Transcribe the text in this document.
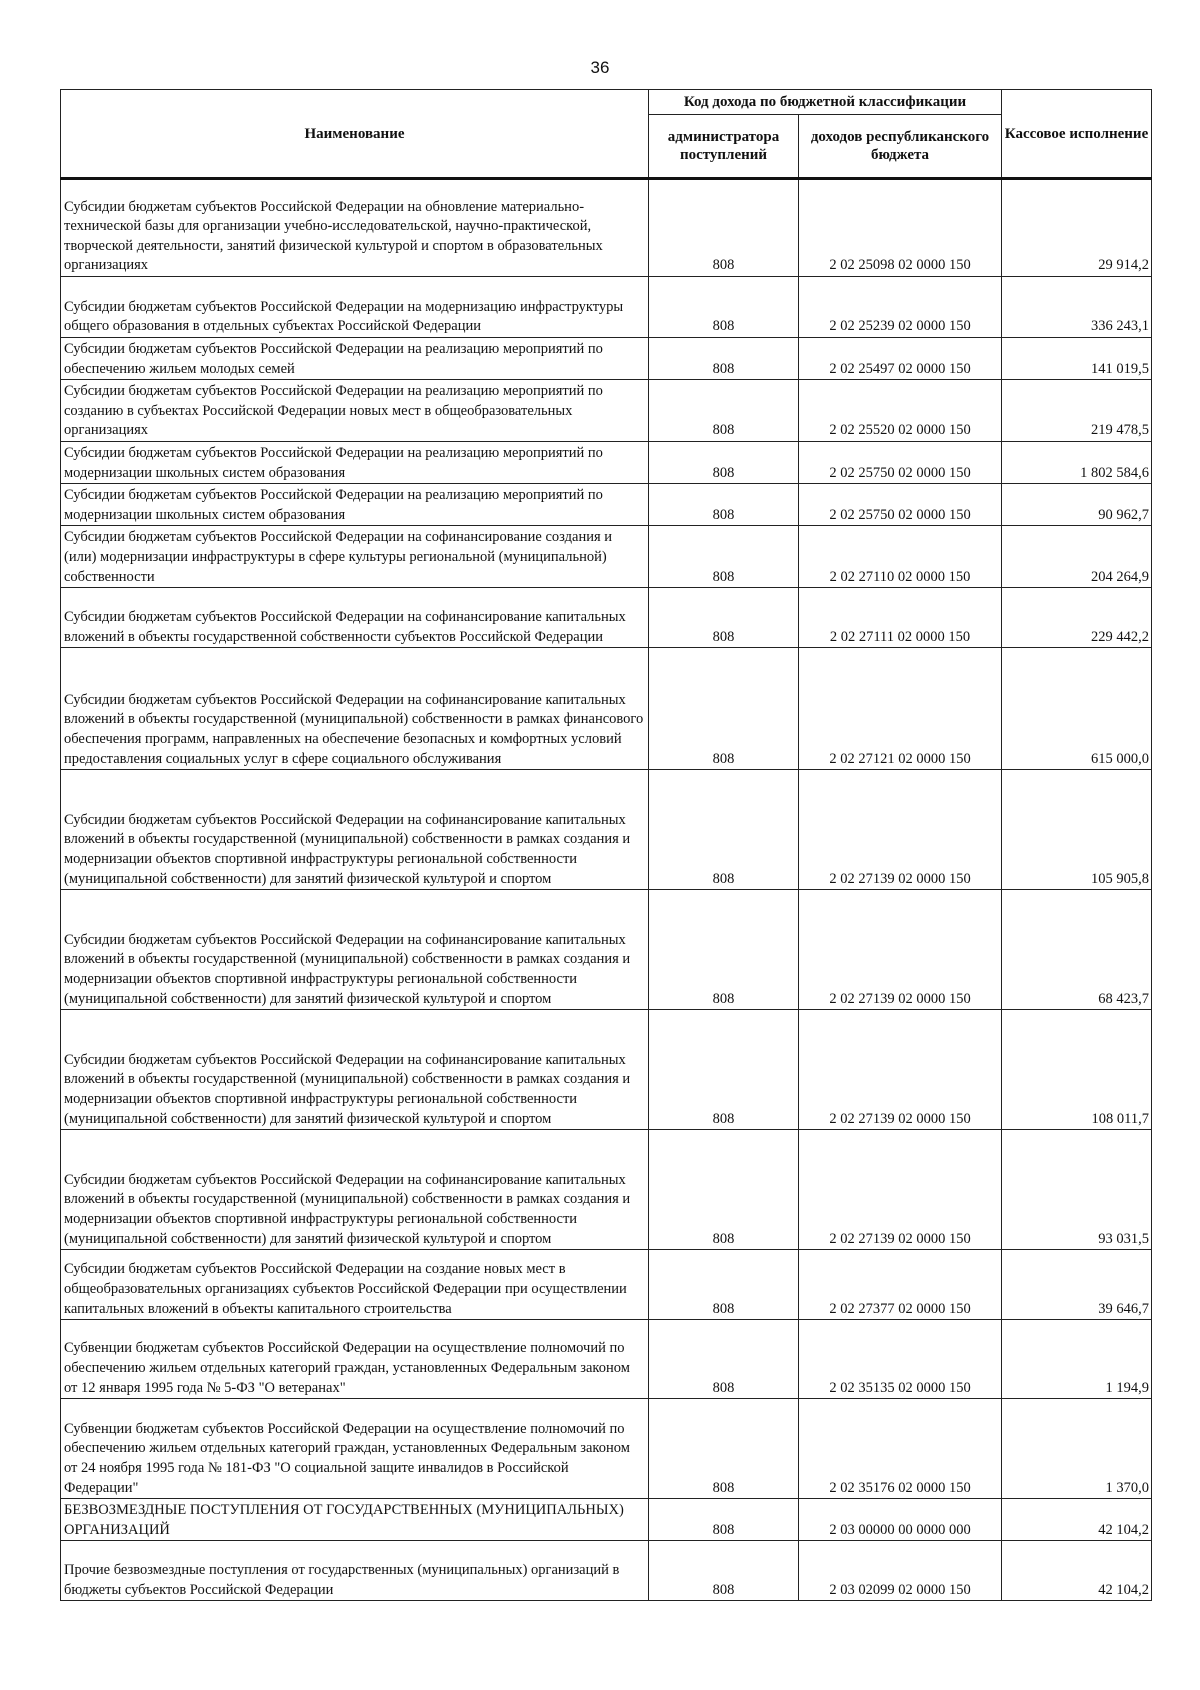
36
Наименование	Код дохода по бюджетной классификации		Кассовое исполнение
	администратора поступлений	доходов республиканского бюджета	
Субсидии бюджетам субъектов Российской Федерации на обновление материально-технической базы для организации учебно-исследовательской, научно-практической, творческой деятельности, занятий физической культурой и спортом в образовательных организациях	808	2 02 25098 02 0000 150	29 914,2
Субсидии бюджетам субъектов Российской Федерации на модернизацию инфраструктуры общего образования в отдельных субъектах Российской Федерации	808	2 02 25239 02 0000 150	336 243,1
Субсидии бюджетам субъектов Российской Федерации на реализацию мероприятий по обеспечению жильем молодых семей	808	2 02 25497 02 0000 150	141 019,5
Субсидии бюджетам субъектов Российской Федерации на реализацию мероприятий по созданию в субъектах Российской Федерации новых мест в общеобразовательных организациях	808	2 02 25520 02 0000 150	219 478,5
Субсидии бюджетам субъектов Российской Федерации на реализацию мероприятий по модернизации школьных систем образования	808	2 02 25750 02 0000 150	1 802 584,6
Субсидии бюджетам субъектов Российской Федерации на реализацию мероприятий по модернизации школьных систем образования	808	2 02 25750 02 0000 150	90 962,7
Субсидии бюджетам субъектов Российской Федерации на софинансирование создания и (или) модернизации инфраструктуры в сфере культуры региональной (муниципальной) собственности	808	2 02 27110 02 0000 150	204 264,9
Субсидии бюджетам субъектов Российской Федерации на софинансирование капитальных вложений в объекты государственной собственности субъектов Российской Федерации	808	2 02 27111 02 0000 150	229 442,2
Субсидии бюджетам субъектов Российской Федерации на софинансирование капитальных вложений в объекты государственной (муниципальной) собственности в рамках финансового обеспечения программ, направленных на обеспечение безопасных и комфортных условий предоставления социальных услуг в сфере социального обслуживания	808	2 02 27121 02 0000 150	615 000,0
Субсидии бюджетам субъектов Российской Федерации на софинансирование капитальных вложений в объекты государственной (муниципальной) собственности в рамках создания и модернизации объектов спортивной инфраструктуры региональной собственности (муниципальной собственности) для занятий физической культурой и спортом	808	2 02 27139 02 0000 150	105 905,8
Субсидии бюджетам субъектов Российской Федерации на софинансирование капитальных вложений в объекты государственной (муниципальной) собственности в рамках создания и модернизации объектов спортивной инфраструктуры региональной собственности (муниципальной собственности) для занятий физической культурой и спортом	808	2 02 27139 02 0000 150	68 423,7
Субсидии бюджетам субъектов Российской Федерации на софинансирование капитальных вложений в объекты государственной (муниципальной) собственности в рамках создания и модернизации объектов спортивной инфраструктуры региональной собственности (муниципальной собственности) для занятий физической культурой и спортом	808	2 02 27139 02 0000 150	108 011,7
Субсидии бюджетам субъектов Российской Федерации на софинансирование капитальных вложений в объекты государственной (муниципальной) собственности в рамках создания и модернизации объектов спортивной инфраструктуры региональной собственности (муниципальной собственности) для занятий физической культурой и спортом	808	2 02 27139 02 0000 150	93 031,5
Субсидии бюджетам субъектов Российской Федерации на создание новых мест в общеобразовательных организациях субъектов Российской Федерации при осуществлении капитальных вложений в объекты капитального строительства	808	2 02 27377 02 0000 150	39 646,7
Субвенции бюджетам субъектов Российской Федерации на осуществление полномочий по обеспечению жильем отдельных категорий граждан, установленных Федеральным законом от 12 января 1995 года № 5-ФЗ "О ветеранах"	808	2 02 35135 02 0000 150	1 194,9
Субвенции бюджетам субъектов Российской Федерации на осуществление полномочий по обеспечению жильем отдельных категорий граждан, установленных Федеральным законом от 24 ноября 1995 года № 181-ФЗ "О социальной защите инвалидов в Российской Федерации"	808	2 02 35176 02 0000 150	1 370,0
БЕЗВОЗМЕЗДНЫЕ ПОСТУПЛЕНИЯ ОТ ГОСУДАРСТВЕННЫХ (МУНИЦИПАЛЬНЫХ) ОРГАНИЗАЦИЙ	808	2 03 00000 00 0000 000	42 104,2
Прочие безвозмездные поступления от государственных (муниципальных) организаций в бюджеты субъектов Российской Федерации	808	2 03 02099 02 0000 150	42 104,2
